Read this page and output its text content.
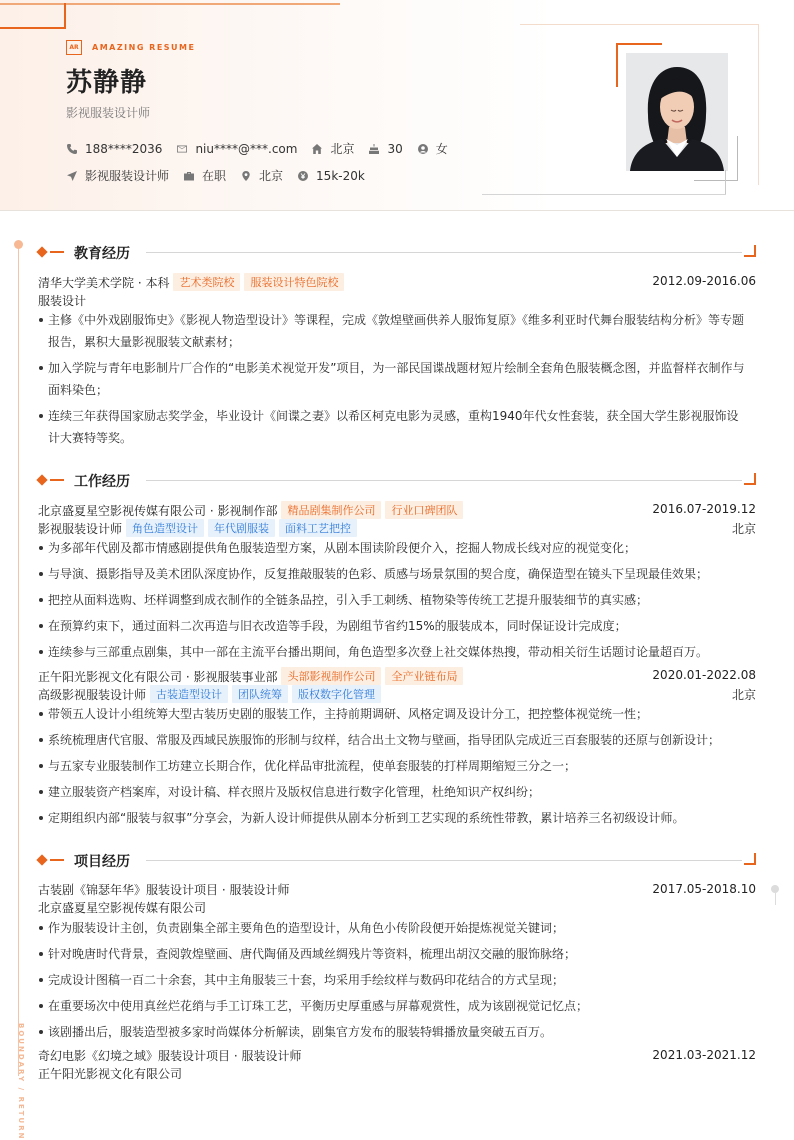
AR	AMAZING RESUME
苏静静
影视服装设计师
188****2036	niu****@***.com	北京	30	女
影视服装设计师	在职	北京	15k-20k
BOUNDARY / RETURN
教育经历
清华大学美术学院 · 本科 艺术类院校	服装设计特色院校	2012.09-2016.06
服装设计
主修《中外戏剧服饰史》《影视人物造型设计》等课程，完成《敦煌壁画供养人服饰复原》《维多利亚时代舞台服装结构分析》等专题报告，累积大量影视服装文献素材；
加入学院与青年电影制片厂合作的“电影美术视觉开发”项目，为一部民国谍战题材短片绘制全套角色服装概念图，并监督样衣制作与面料染色；
连续三年获得国家励志奖学金，毕业设计《间谍之妻》以希区柯克电影为灵感，重构1940年代女性套装，获全国大学生影视服饰设计大赛特等奖。
工作经历
北京盛夏星空影视传媒有限公司 · 影视制作部 精品剧集制作公司	行业口碑团队	2016.07-2019.12
影视服装设计师 角色造型设计	年代剧服装	面料工艺把控	北京
为多部年代剧及都市情感剧提供角色服装造型方案，从剧本围读阶段便介入，挖掘人物成长线对应的视觉变化；
与导演、摄影指导及美术团队深度协作，反复推敲服装的色彩、质感与场景氛围的契合度，确保造型在镜头下呈现最佳效果；
把控从面料选购、坯样调整到成衣制作的全链条品控，引入手工刺绣、植物染等传统工艺提升服装细节的真实感；
在预算约束下，通过面料二次再造与旧衣改造等手段，为剧组节省约15%的服装成本，同时保证设计完成度；
连续参与三部重点剧集，其中一部在主流平台播出期间，角色造型多次登上社交媒体热搜，带动相关衍生话题讨论量超百万。
正午阳光影视文化有限公司 · 影视服装事业部 头部影视制作公司	全产业链布局	2020.01-2022.08
高级影视服装设计师 古装造型设计	团队统筹	版权数字化管理	北京
带领五人设计小组统筹大型古装历史剧的服装工作，主持前期调研、风格定调及设计分工，把控整体视觉统一性；
系统梳理唐代官服、常服及西域民族服饰的形制与纹样，结合出土文物与壁画，指导团队完成近三百套服装的还原与创新设计；
与五家专业服装制作工坊建立长期合作，优化样品审批流程，使单套服装的打样周期缩短三分之一；
建立服装资产档案库，对设计稿、样衣照片及版权信息进行数字化管理，杜绝知识产权纠纷；
定期组织内部“服装与叙事”分享会，为新人设计师提供从剧本分析到工艺实现的系统性带教，累计培养三名初级设计师。
项目经历
古装剧《锦瑟年华》服装设计项目 · 服装设计师	2017.05-2018.10
北京盛夏星空影视传媒有限公司
作为服装设计主创，负责剧集全部主要角色的造型设计，从角色小传阶段便开始提炼视觉关键词；
针对晚唐时代背景，查阅敦煌壁画、唐代陶俑及西域丝绸残片等资料，梳理出胡汉交融的服饰脉络；
完成设计图稿一百二十余套，其中主角服装三十套，均采用手绘纹样与数码印花结合的方式呈现；
在重要场次中使用真丝烂花绡与手工订珠工艺，平衡历史厚重感与屏幕观赏性，成为该剧视觉记忆点；
该剧播出后，服装造型被多家时尚媒体分析解读，剧集官方发布的服装特辑播放量突破五百万。
奇幻电影《幻境之域》服装设计项目 · 服装设计师	2021.03-2021.12
正午阳光影视文化有限公司
